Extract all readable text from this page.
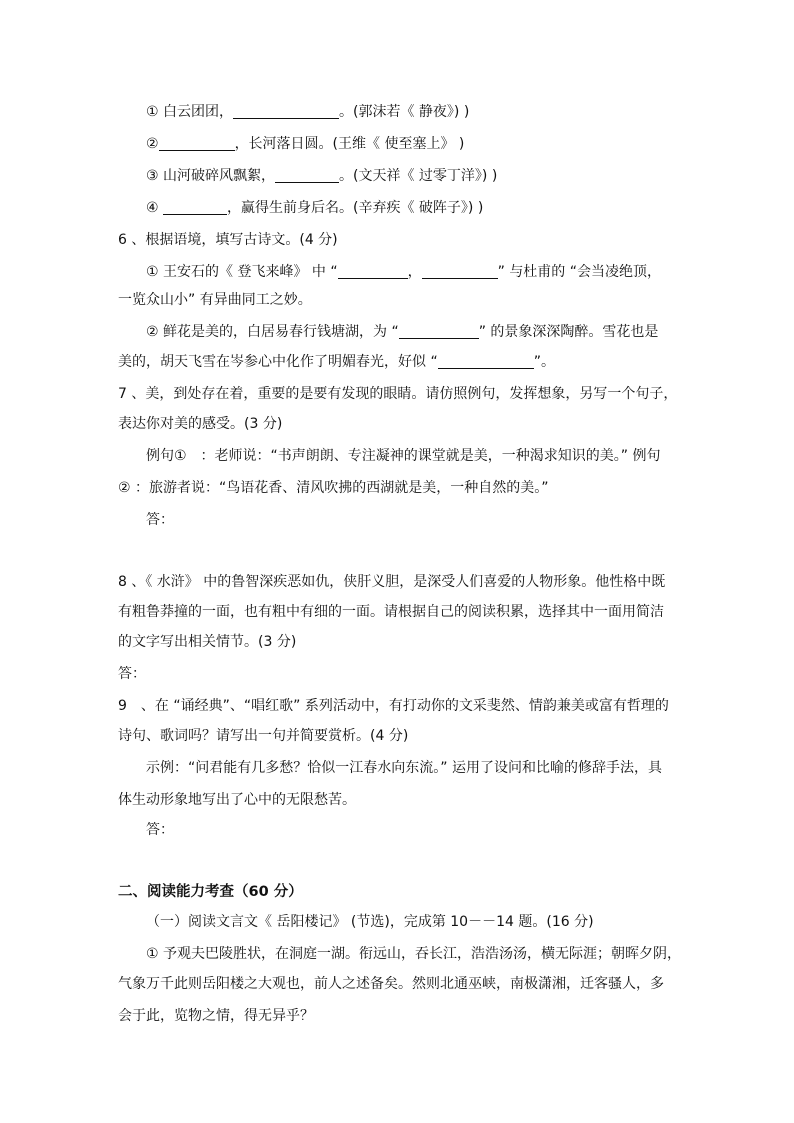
① 白云团团，	。(郭沫若《 静夜》) )
②	，长河落日圆。(王维《 使至塞上》 )
③ 山河破碎风飘絮，	。(文天祥《 过零丁洋》) )
④	，赢得生前身后名。(辛弃疾《 破阵子》) )
6 、根据语境，填写古诗文。(4 分)
① 王安石的《 登飞来峰》 中 “	，	” 与杜甫的 “会当凌绝顶，
一览众山小” 有异曲同工之妙。
② 鲜花是美的，白居易春行钱塘湖，为 “	” 的景象深深陶醉。雪花也是
美的，胡天飞雪在岑参心中化作了明媚春光，好似 “	”。
7 、美，到处存在着，重要的是要有发现的眼睛。请仿照例句，发挥想象，另写一个句子，
表达你对美的感受。(3 分)
例句①　：老师说：“书声朗朗、专注凝神的课堂就是美，一种渴求知识的美。” 例句
② ：旅游者说：“鸟语花香、清风吹拂的西湖就是美，一种自然的美。”
答：
8 、《 水浒》 中的鲁智深疾恶如仇，侠肝义胆，是深受人们喜爱的人物形象。他性格中既
有粗鲁莽撞的一面，也有粗中有细的一面。请根据自己的阅读积累，选择其中一面用简洁
的文字写出相关情节。(3 分)
答：
9　、在 “诵经典”、“唱红歌” 系列活动中，有打动你的文采斐然、情韵兼美或富有哲理的
诗句、歌词吗？请写出一句并简要赏析。(4 分)
示例：“问君能有几多愁？恰似一江春水向东流。” 运用了设问和比喻的修辞手法，具
体生动形象地写出了心中的无限愁苦。
答：
二、阅读能力考查（60 分）
（一）阅读文言文《 岳阳楼记》 (节选)，完成第 10－－14 题。(16 分)
① 予观夫巴陵胜状，在洞庭一湖。衔远山，吞长江，浩浩汤汤，横无际涯；朝晖夕阴，
气象万千此则岳阳楼之大观也，前人之述备矣。然则北通巫峡，南极潇湘，迁客骚人，多
会于此，览物之情，得无异乎？
